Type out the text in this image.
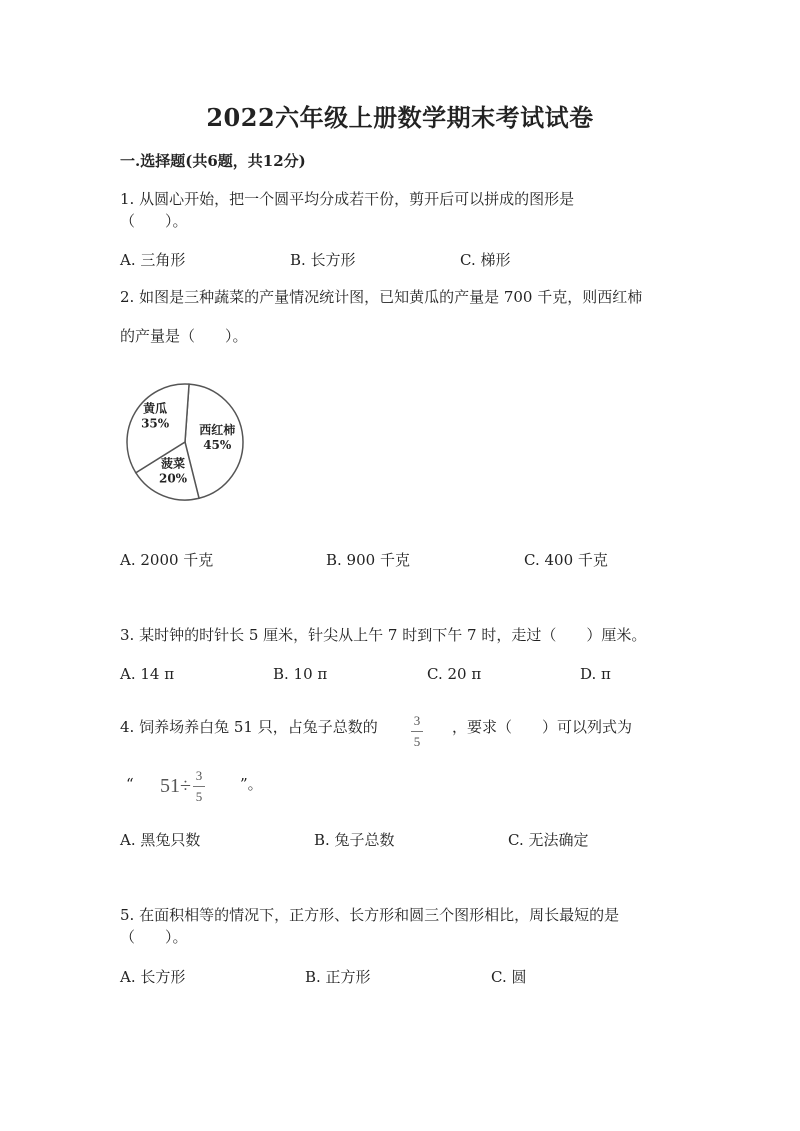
2022六年级上册数学期末考试试卷
一.选择题(共6题，共12分)
1. 从圆心开始，把一个圆平均分成若干份，剪开后可以拼成的图形是
（　　）。
A. 三角形	B. 长方形	C. 梯形
2. 如图是三种蔬菜的产量情况统计图，已知黄瓜的产量是 700 千克，则西红柿
的产量是（　　）。
西红柿
45%
菠菜
20%
黄瓜
35%
A. 2000 千克	B. 900 千克	C. 400 千克
3. 某时钟的时针长 5 厘米，针尖从上午 7 时到下午 7 时，走过（　　）厘米。
A. 14 π	B. 10 π	C. 20 π	D. π
4. 饲养场养白兔 51 只，占兔子总数的	3
5
，要求（　　）可以列式为
“ $51\div \frac{3}{5}$ ”。
A. 黑兔只数	B. 兔子总数	C. 无法确定
5. 在面积相等的情况下，正方形、长方形和圆三个图形相比，周长最短的是
（　　）。
A. 长方形	B. 正方形	C. 圆
